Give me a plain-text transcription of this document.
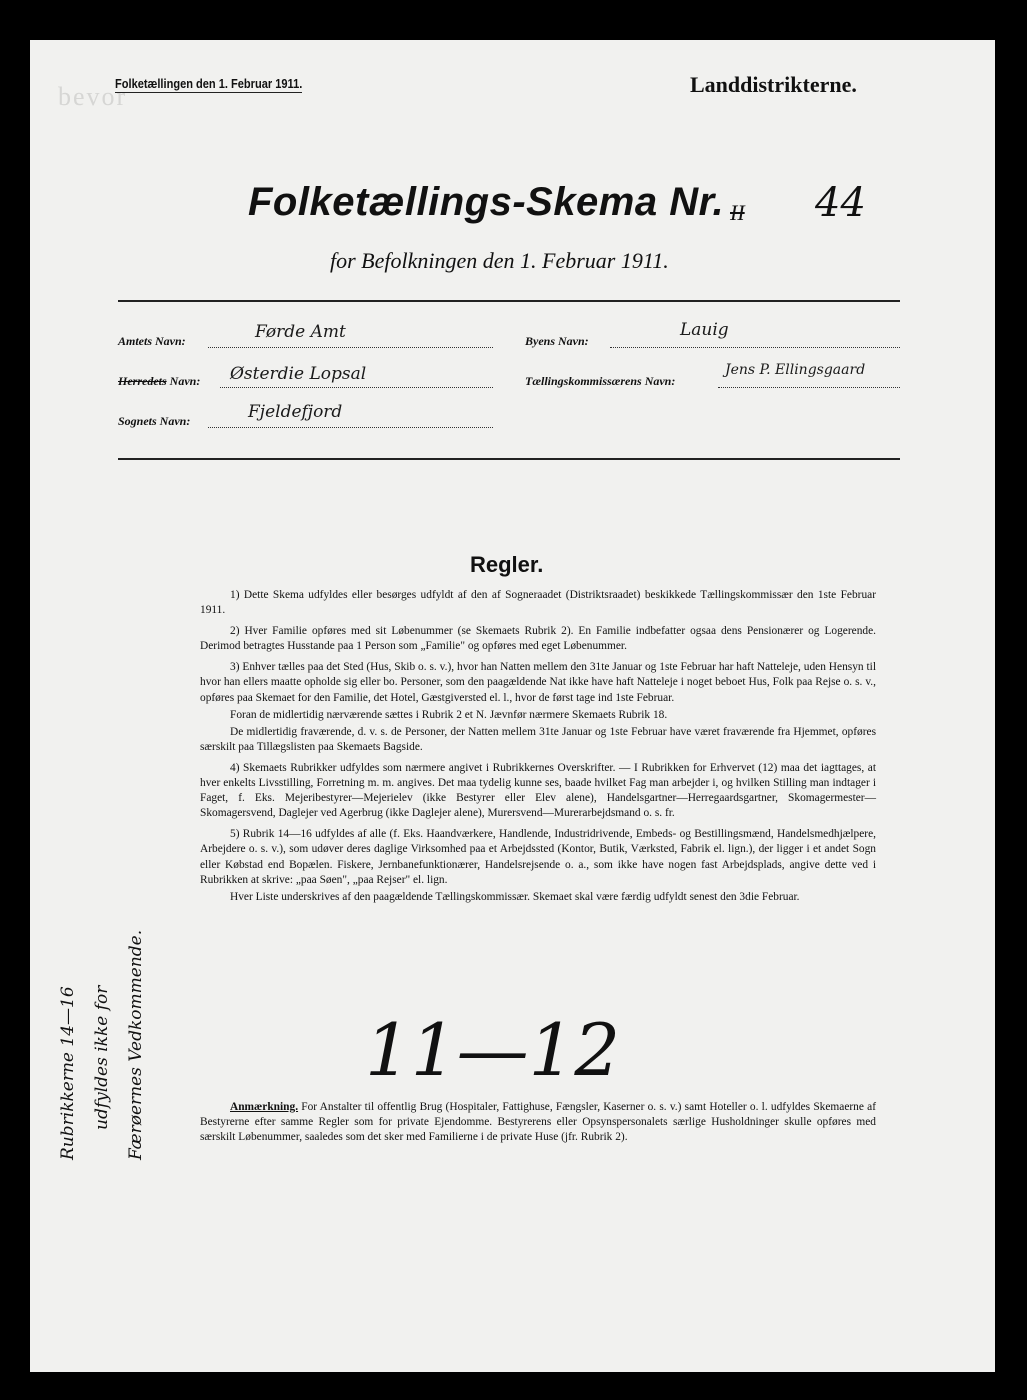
bevor
Folketællingen den 1. Februar 1911.	Landdistrikterne.
Folketællings-Skema Nr. II 44
for Befolkningen den 1. Februar 1911.
Amtets Navn:	Førde Amt
Herredets Navn: Østerdie Lopsal
Sognets Navn:	Fjeldefjord
Byens Navn:
Lauig
Tællingskommissærens Navn:
Jens P. Ellingsgaard
Regler.

1) Dette Skema udfyldes eller besørges udfyldt af den af Sogneraadet (Distriktsraadet) beskikkede Tællingskommissær den 1ste Februar 1911.

2) Hver Familie opføres med sit Løbenummer (se Skemaets Rubrik 2). En Familie indbefatter ogsaa dens Pensionærer og Logerende. Derimod betragtes Husstande paa 1 Person som „Familie" og opføres med eget Løbenummer.

3) Enhver tælles paa det Sted (Hus, Skib o. s. v.), hvor han Natten mellem den 31te Januar og 1ste Februar har haft Natteleje, uden Hensyn til hvor han ellers maatte opholde sig eller bo. Personer, som den paagældende Nat ikke have haft Natteleje i noget beboet Hus, Folk paa Rejse o. s. v., opføres paa Skemaet for den Familie, det Hotel, Gæstgiversted el. l., hvor de først tage ind 1ste Februar.

Foran de midlertidig nærværende sættes i Rubrik 2 et N. Jævnfør nærmere Skemaets Rubrik 18.

De midlertidig fraværende, d. v. s. de Personer, der Natten mellem 31te Januar og 1ste Februar have været fraværende fra Hjemmet, opføres særskilt paa Tillægslisten paa Skemaets Bagside.

4) Skemaets Rubrikker udfyldes som nærmere angivet i Rubrikkernes Overskrifter. — I Rubrikken for Erhvervet (12) maa det iagttages, at hver enkelts Livsstilling, Forretning m. m. angives. Det maa tydelig kunne ses, baade hvilket Fag man arbejder i, og hvilken Stilling man indtager i Faget, f. Eks. Mejeribestyrer—Mejerielev (ikke Bestyrer eller Elev alene), Handelsgartner—Herregaardsgartner, Skomagermester—Skomagersvend, Daglejer ved Agerbrug (ikke Daglejer alene), Murersvend—Murerarbejdsmand o. s. fr.

5) Rubrik 14—16 udfyldes af alle (f. Eks. Haandværkere, Handlende, Industridrivende, Embeds- og Bestillingsmænd, Handelsmedhjælpere, Arbejdere o. s. v.), som udøver deres daglige Virksomhed paa et Arbejdssted (Kontor, Butik, Værksted, Fabrik el. lign.), der ligger i et andet Sogn eller Købstad end Bopælen. Fiskere, Jernbanefunktionærer, Handelsrejsende o. a., som ikke have nogen fast Arbejdsplads, angive dette ved i Rubrikken at skrive: „paa Søen", „paa Rejser" el. lign.

Hver Liste underskrives af den paagældende Tællingskommissær. Skemaet skal være færdig udfyldt senest den 3die Februar.

11—12
Anmærkning. For Anstalter til offentlig Brug (Hospitaler, Fattighuse, Fængsler, Kaserner o. s. v.) samt Hoteller o. l. udfyldes Skemaerne af Bestyrerne efter samme Regler som for private Ejendomme. Bestyrerens eller Opsynspersonalets særlige Husholdninger skulle opføres med særskilt Løbenummer, saaledes som det sker med Familierne i de private Huse (jfr. Rubrik 2).
Rubrikkerne 14—16 udfyldes ikke for Færøernes Vedkommende.
